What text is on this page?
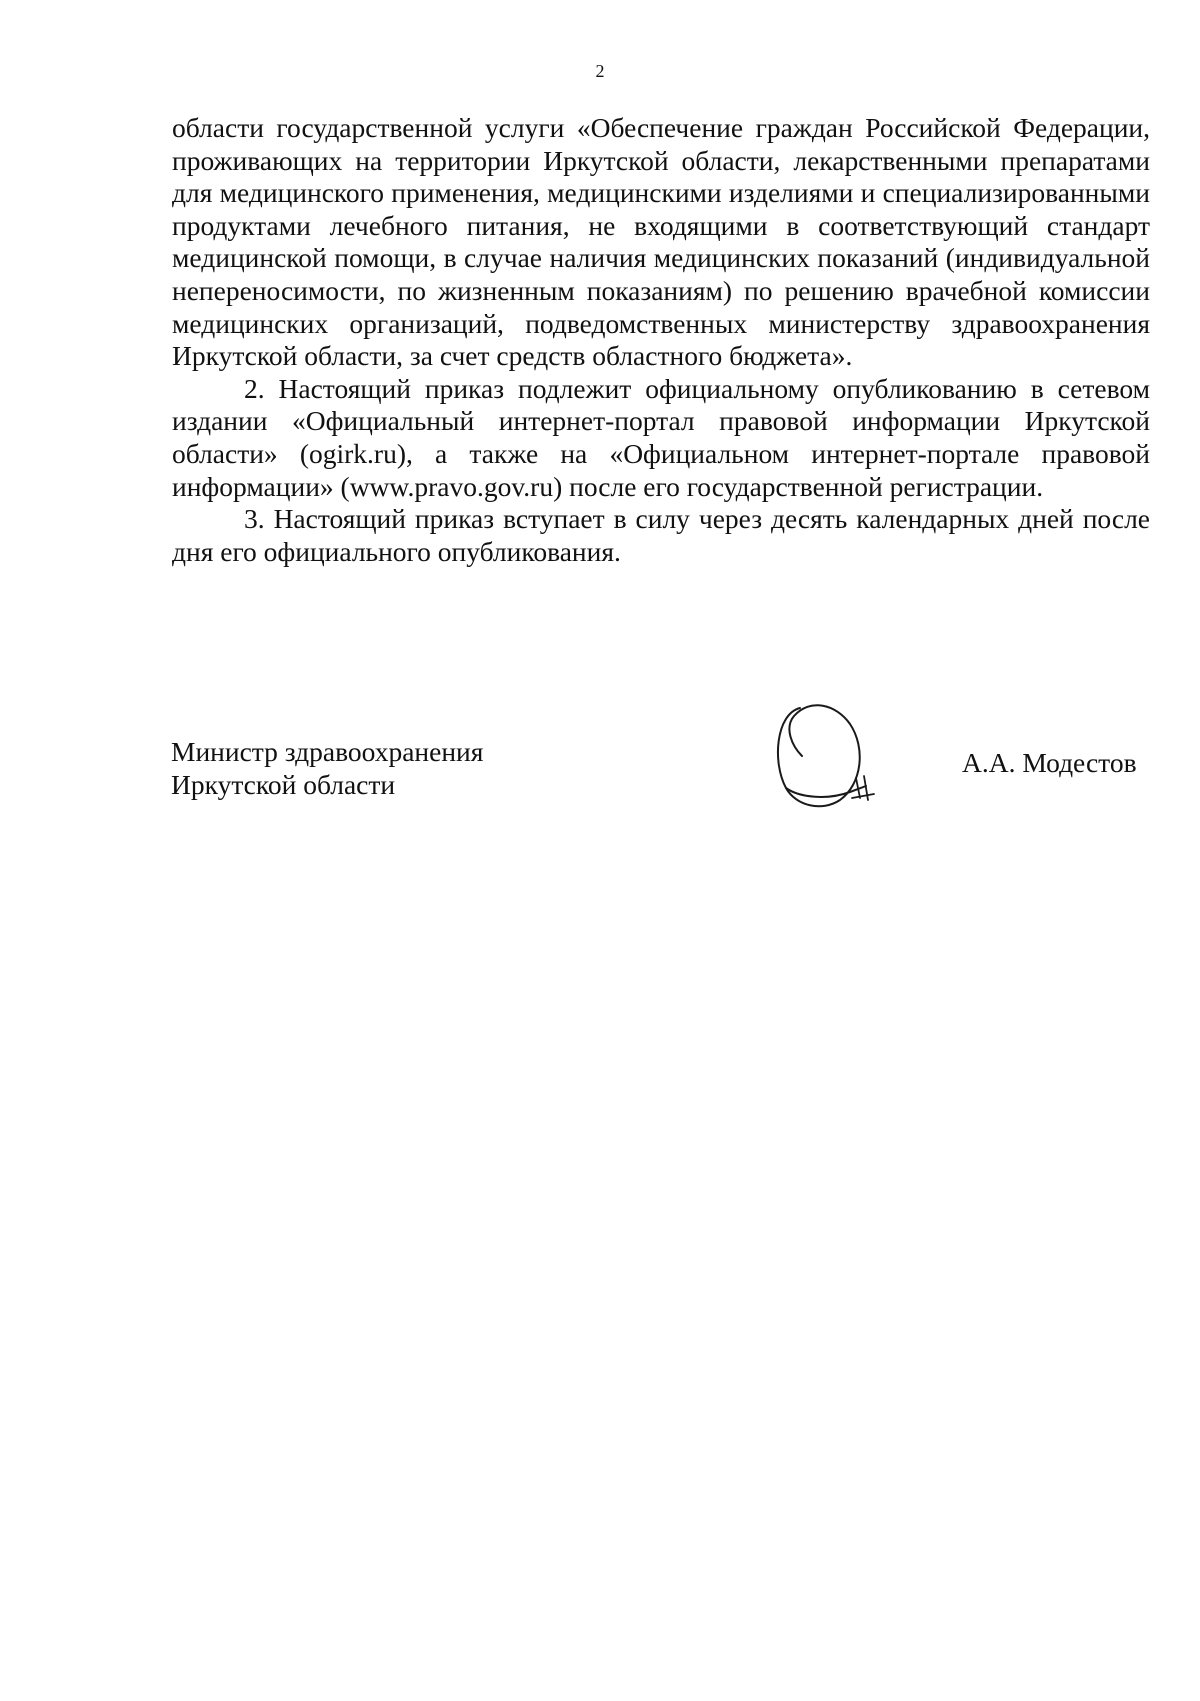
2

области государственной услуги «Обеспечение граждан Российской Федерации, проживающих на территории Иркутской области, лекарственными препаратами для медицинского применения, медицинскими изделиями и специализированными продуктами лечебного питания, не входящими в соответствующий стандарт медицинской помощи, в случае наличия медицинских показаний (индивидуальной непереносимости, по жизненным показаниям) по решению врачебной комиссии медицинских организаций, подведомственных министерству здравоохранения Иркутской области, за счет средств областного бюджета».

2. Настоящий приказ подлежит официальному опубликованию в сетевом издании «Официальный интернет-портал правовой информации Иркутской области» (ogirk.ru), а также на «Официальном интернет-портале правовой информации» (www.pravo.gov.ru) после его государственной регистрации.

3. Настоящий приказ вступает в силу через десять календарных дней после дня его официального опубликования.

Министр здравоохранения
Иркутской области
А.А. Модестов
